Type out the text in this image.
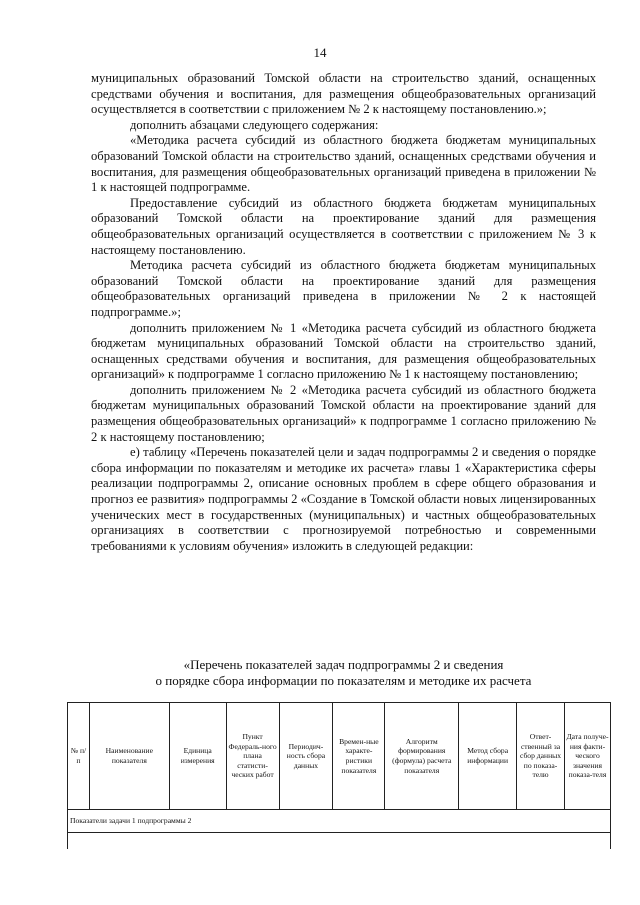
14

муниципальных образований Томской области на строительство зданий, оснащенных средствами обучения и воспитания, для размещения общеобразовательных организаций осуществляется в соответствии с приложением № 2 к настоящему постановлению.»;

дополнить абзацами следующего содержания:

«Методика расчета субсидий из областного бюджета бюджетам муниципальных образований Томской области на строительство зданий, оснащенных средствами обучения и воспитания, для размещения общеобразовательных организаций приведена в приложении № 1 к настоящей подпрограмме.

Предоставление субсидий из областного бюджета бюджетам муниципальных образований Томской области на проектирование зданий для размещения общеобразовательных организаций осуществляется в соответствии с приложением № 3 к настоящему постановлению.

Методика расчета субсидий из областного бюджета бюджетам муниципальных образований Томской области на проектирование зданий для размещения общеобразовательных организаций приведена в приложении № 2 к настоящей подпрограмме.»;

дополнить приложением № 1 «Методика расчета субсидий из областного бюджета бюджетам муниципальных образований Томской области на строительство зданий, оснащенных средствами обучения и воспитания, для размещения общеобразовательных организаций» к подпрограмме 1 согласно приложению № 1 к настоящему постановлению;

дополнить приложением № 2 «Методика расчета субсидий из областного бюджета бюджетам муниципальных образований Томской области на проектирование зданий для размещения общеобразовательных организаций» к подпрограмме 1 согласно приложению № 2 к настоящему постановлению;

е) таблицу «Перечень показателей цели и задач подпрограммы 2 и сведения о порядке сбора информации по показателям и методике их расчета» главы 1 «Характеристика сферы реализации подпрограммы 2, описание основных проблем в сфере общего образования и прогноз ее развития» подпрограммы 2 «Создание в Томской области новых лицензированных ученических мест в государственных (муниципальных) и частных общеобразовательных организациях в соответствии с прогнозируемой потребностью и современными требованиями к условиям обучения» изложить в следующей редакции:

«Перечень показателей задач подпрограммы 2 и сведения
о порядке сбора информации по показателям и методике их расчета
№ п/п	Наименование показателя	Единица измерения	Пункт Федераль-ного плана статисти-ческих работ	Периодич-ность сбора данных	Времен-ные характе-ристики показателя	Алгоритм формирования (формула) расчета показателя	Метод сбора информации	Ответ-ственный за сбор данных по показа-телю	Дата получе-ния факти-ческого значения показа-теля
Показатели задачи 1 подпрограммы 2
